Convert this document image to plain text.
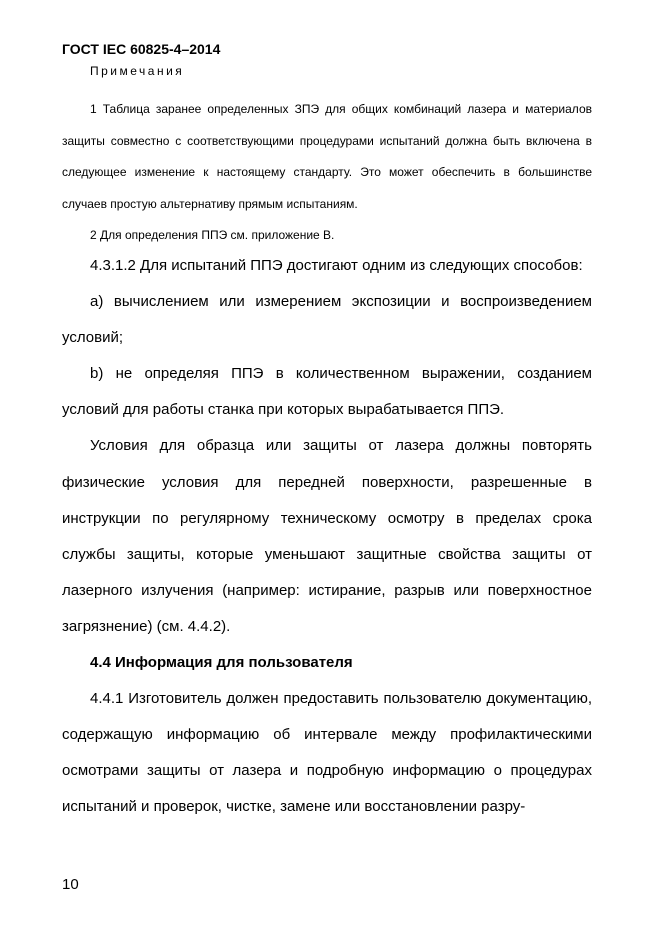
ГОСТ IEC 60825-4–2014
Примечания

1 Таблица заранее определенных ЗПЭ для общих комбинаций лазера и материалов защиты совместно с соответствующими процедурами испытаний должна быть включена в следующее изменение к настоящему стандарту. Это может обеспечить в большинстве случаев простую альтернативу прямым испытаниям.

2 Для определения ППЭ см. приложение B.

4.3.1.2 Для испытаний ППЭ достигают одним из следующих способов:

a) вычислением или измерением экспозиции и воспроизведением условий;

b) не определяя ППЭ в количественном выражении, созданием условий для работы станка при которых вырабатывается ППЭ.

Условия для образца или защиты от лазера должны повторять физические условия для передней поверхности, разрешенные в инструкции по регулярному техническому осмотру в пределах срока службы защиты, которые уменьшают защитные свойства защиты от лазерного излучения (например: истирание, разрыв или поверхностное загрязнение) (см. 4.4.2).

4.4 Информация для пользователя

4.4.1 Изготовитель должен предоставить пользователю документацию, содержащую информацию об интервале между профилактическими осмотрами защиты от лазера и подробную информацию о процедурах испытаний и проверок, чистке, замене или восстановлении разру-

10
